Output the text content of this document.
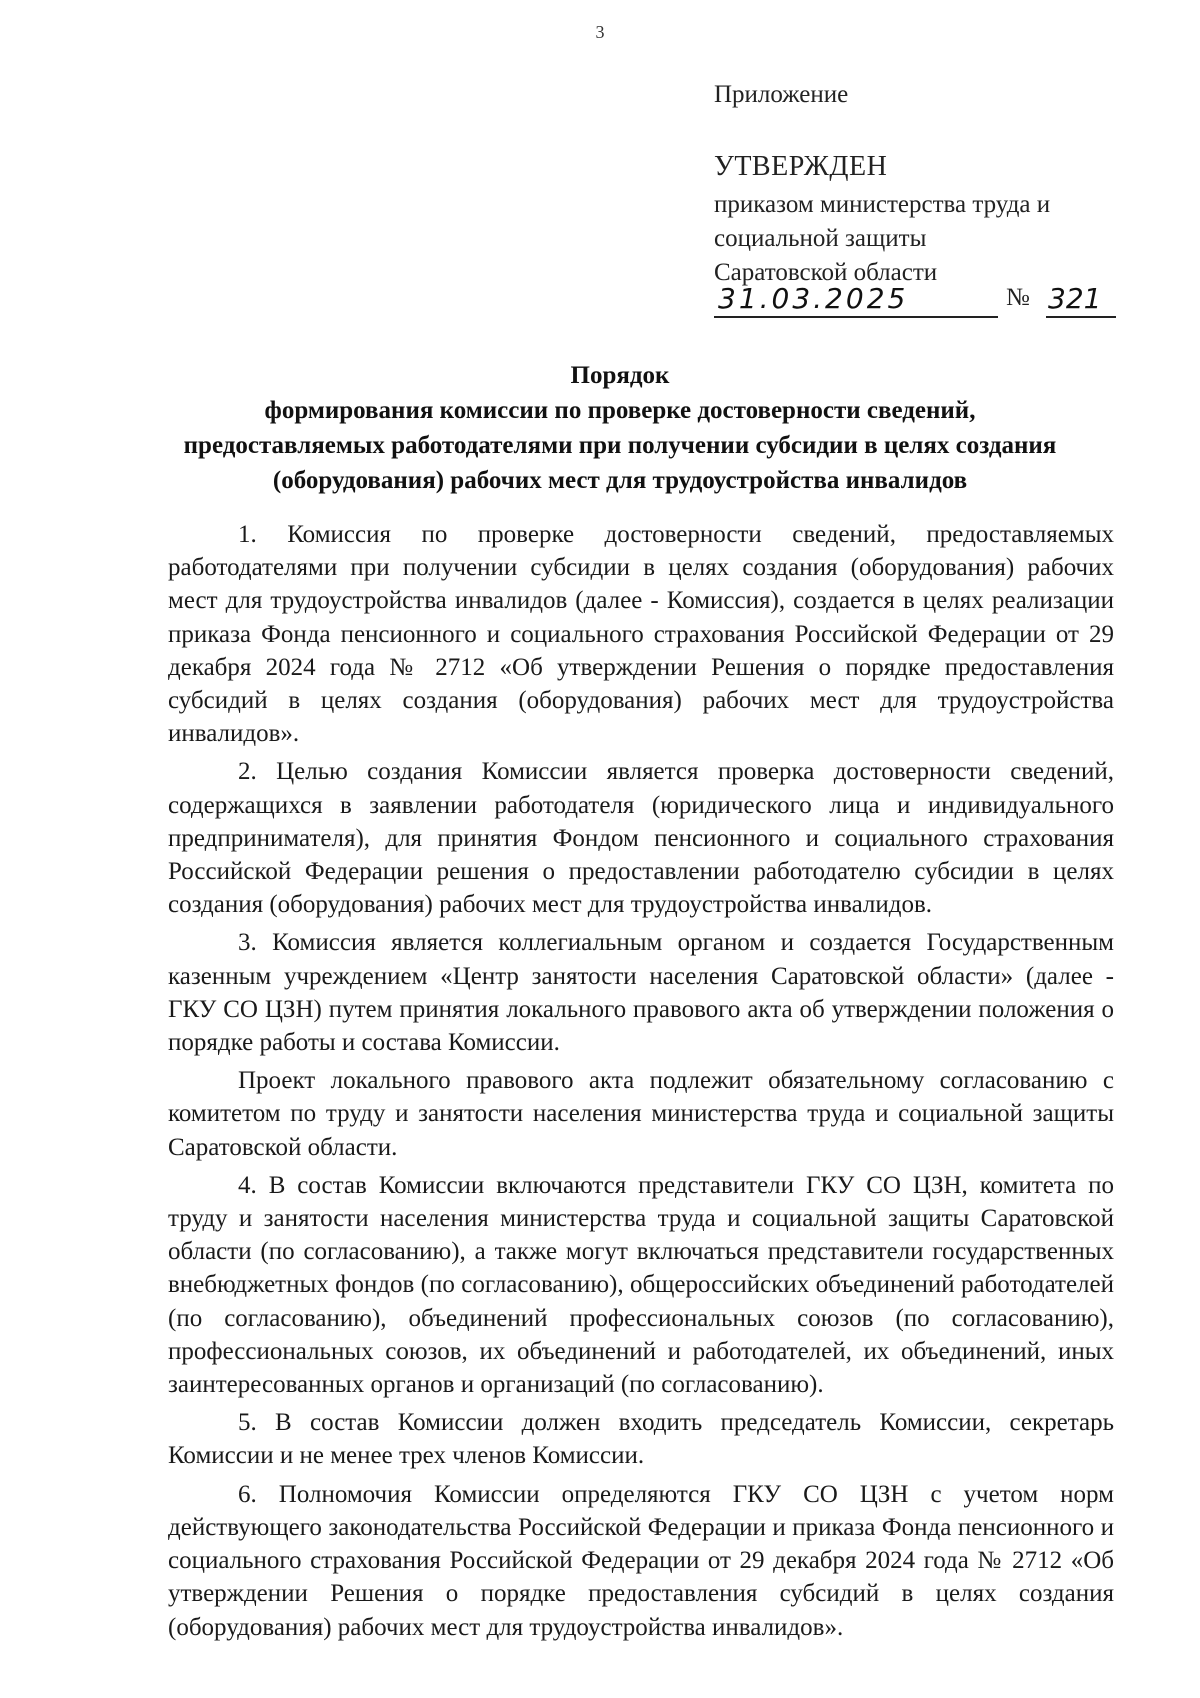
3
Приложение
УТВЕРЖДЕН
приказом министерства труда и
социальной защиты
Саратовской области
31.03.2025	№ 321
Порядок
формирования комиссии по проверке достоверности сведений,
предоставляемых работодателями при получении субсидии в целях создания
(оборудования) рабочих мест для трудоустройства инвалидов

1. Комиссия по проверке достоверности сведений, предоставляемых работодателями при получении субсидии в целях создания (оборудования) рабочих мест для трудоустройства инвалидов (далее - Комиссия), создается в целях реализации приказа Фонда пенсионного и социального страхования Российской Федерации от 29 декабря 2024 года № 2712 «Об утверждении Решения о порядке предоставления субсидий в целях создания (оборудования) рабочих мест для трудоустройства инвалидов».

2. Целью создания Комиссии является проверка достоверности сведений, содержащихся в заявлении работодателя (юридического лица и индивидуального предпринимателя), для принятия Фондом пенсионного и социального страхования Российской Федерации решения о предоставлении работодателю субсидии в целях создания (оборудования) рабочих мест для трудоустройства инвалидов.

3. Комиссия является коллегиальным органом и создается Государственным казенным учреждением «Центр занятости населения Саратовской области» (далее - ГКУ СО ЦЗН) путем принятия локального правового акта об утверждении положения о порядке работы и состава Комиссии.

Проект локального правового акта подлежит обязательному согласованию с комитетом по труду и занятости населения министерства труда и социальной защиты Саратовской области.

4. В состав Комиссии включаются представители ГКУ СО ЦЗН, комитета по труду и занятости населения министерства труда и социальной защиты Саратовской области (по согласованию), а также могут включаться представители государственных внебюджетных фондов (по согласованию), общероссийских объединений работодателей (по согласованию), объединений профессиональных союзов (по согласованию), профессиональных союзов, их объединений и работодателей, их объединений, иных заинтересованных органов и организаций (по согласованию).

5. В состав Комиссии должен входить председатель Комиссии, секретарь Комиссии и не менее трех членов Комиссии.

6. Полномочия Комиссии определяются ГКУ СО ЦЗН с учетом норм действующего законодательства Российской Федерации и приказа Фонда пенсионного и социального страхования Российской Федерации от 29 декабря 2024 года № 2712 «Об утверждении Решения о порядке предоставления субсидий в целях создания (оборудования) рабочих мест для трудоустройства инвалидов».
